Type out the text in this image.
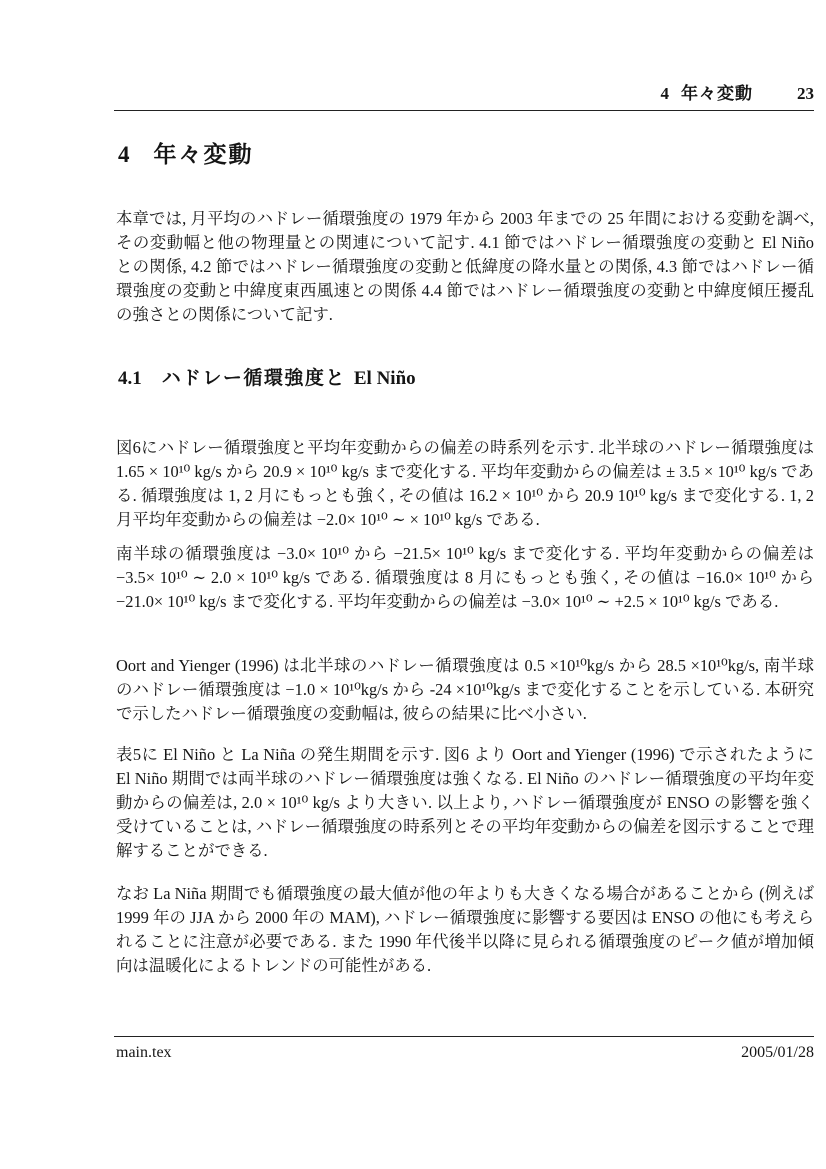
4 年々変動	23
4 年々変動

本章では, 月平均のハドレー循環強度の 1979 年から 2003 年までの 25 年間における変動を調べ, その変動幅と他の物理量との関連について記す. 4.1 節ではハドレー循環強度の変動と El Niño との関係, 4.2 節ではハドレー循環強度の変動と低緯度の降水量との関係, 4.3 節ではハドレー循環強度の変動と中緯度東西風速との関係 4.4 節ではハドレー循環強度の変動と中緯度傾圧擾乱の強さとの関係について記す.

4.1 ハドレー循環強度と El Niño

図6にハドレー循環強度と平均年変動からの偏差の時系列を示す. 北半球のハドレー循環強度は 1.65 × 10¹⁰ kg/s から 20.9 × 10¹⁰ kg/s まで変化する. 平均年変動からの偏差は ± 3.5 × 10¹⁰ kg/s である. 循環強度は 1, 2 月にもっとも強く, その値は 16.2 × 10¹⁰ から 20.9 10¹⁰ kg/s まで変化する. 1, 2 月平均年変動からの偏差は −2.0× 10¹⁰ ∼ × 10¹⁰ kg/s である.

南半球の循環強度は −3.0× 10¹⁰ から −21.5× 10¹⁰ kg/s まで変化する. 平均年変動からの偏差は −3.5× 10¹⁰ ∼ 2.0 × 10¹⁰ kg/s である. 循環強度は 8 月にもっとも強く, その値は −16.0× 10¹⁰ から −21.0× 10¹⁰ kg/s まで変化する. 平均年変動からの偏差は −3.0× 10¹⁰ ∼ +2.5 × 10¹⁰ kg/s である.

Oort and Yienger (1996) は北半球のハドレー循環強度は 0.5 ×10¹⁰kg/s から 28.5 ×10¹⁰kg/s, 南半球のハドレー循環強度は −1.0 × 10¹⁰kg/s から -24 ×10¹⁰kg/s まで変化することを示している. 本研究で示したハドレー循環強度の変動幅は, 彼らの結果に比べ小さい.

表5に El Niño と La Niña の発生期間を示す. 図6 より Oort and Yienger (1996) で示されたように El Niño 期間では両半球のハドレー循環強度は強くなる. El Niño のハドレー循環強度の平均年変動からの偏差は, 2.0 × 10¹⁰ kg/s より大きい. 以上より, ハドレー循環強度が ENSO の影響を強く受けていることは, ハドレー循環強度の時系列とその平均年変動からの偏差を図示することで理解することができる.

なお La Niña 期間でも循環強度の最大値が他の年よりも大きくなる場合があることから (例えば 1999 年の JJA から 2000 年の MAM), ハドレー循環強度に影響する要因は ENSO の他にも考えられることに注意が必要である. また 1990 年代後半以降に見られる循環強度のピーク値が増加傾向は温暖化によるトレンドの可能性がある.

main.tex	2005/01/28
